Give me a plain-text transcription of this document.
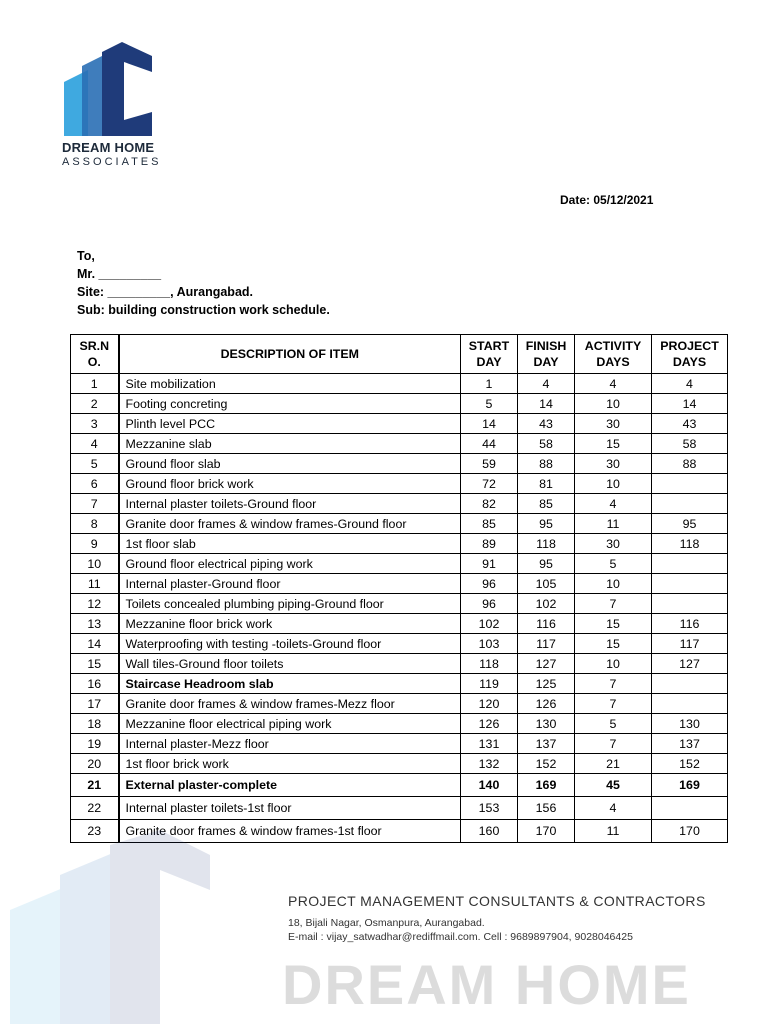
DREAM HOME
ASSOCIATES
Date: 05/12/2021
To,
Mr. _________
Site: _________, Aurangabad.
Sub: building construction work schedule.
SR.N O.	DESCRIPTION OF ITEM	START DAY	FINISH DAY	ACTIVITY DAYS	PROJECT DAYS
1	Site mobilization	1	4	4	4
2	Footing concreting	5	14	10	14
3	Plinth level PCC	14	43	30	43
4	Mezzanine slab	44	58	15	58
5	Ground floor slab	59	88	30	88
6	Ground floor brick work	72	81	10	
7	Internal plaster toilets-Ground floor	82	85	4	
8	Granite door frames & window frames-Ground floor	85	95	11	95
9	1st floor slab	89	118	30	118
10	Ground floor electrical piping work	91	95	5	
11	Internal plaster-Ground floor	96	105	10	
12	Toilets concealed plumbing piping-Ground floor	96	102	7	
13	Mezzanine floor brick work	102	116	15	116
14	Waterproofing with testing -toilets-Ground floor	103	117	15	117
15	Wall tiles-Ground floor toilets	118	127	10	127
16	Staircase Headroom slab	119	125	7	
17	Granite door frames & window frames-Mezz floor	120	126	7	
18	Mezzanine floor electrical piping work	126	130	5	130
19	Internal plaster-Mezz floor	131	137	7	137
20	1st floor brick work	132	152	21	152
21	External plaster-complete	140	169	45	169
22	Internal plaster toilets-1st floor	153	156	4	
23	Granite door frames & window frames-1st floor	160	170	11	170
PROJECT MANAGEMENT CONSULTANTS & CONTRACTORS
18, Bijali Nagar, Osmanpura, Aurangabad.
E-mail : vijay_satwadhar@rediffmail.com. Cell : 9689897904, 9028046425
DREAM HOME
